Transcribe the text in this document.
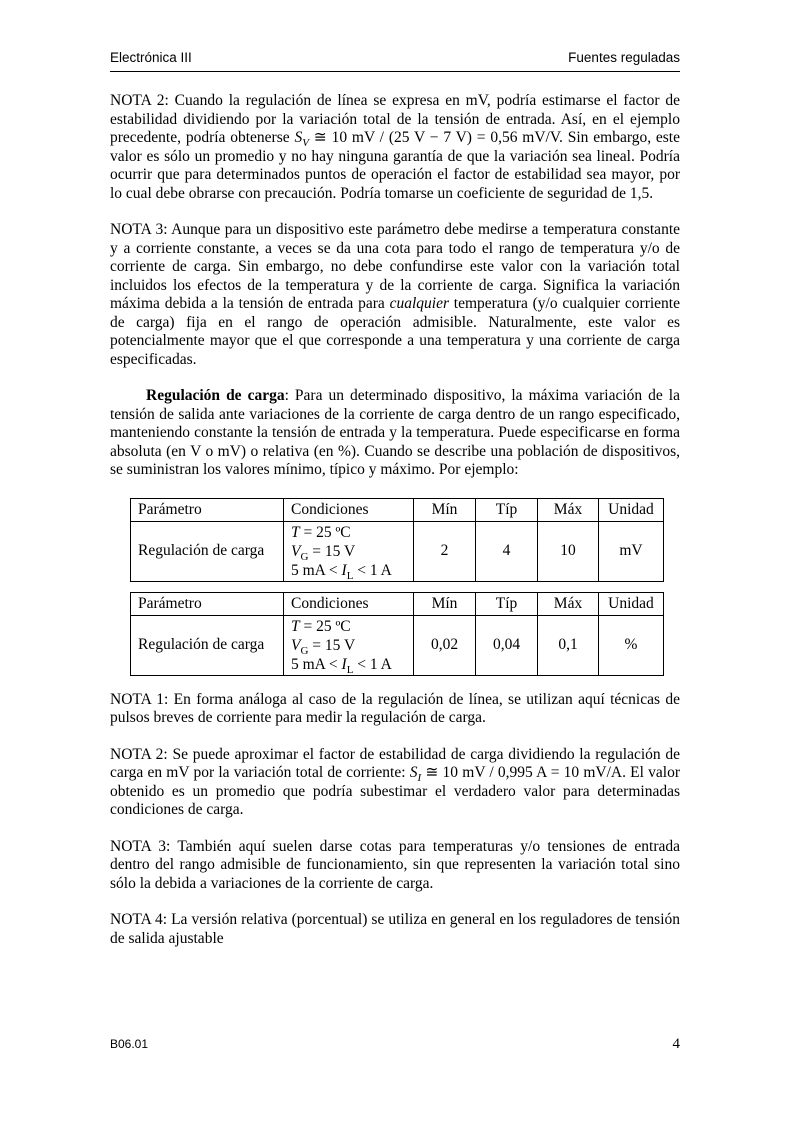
Electrónica III	Fuentes reguladas

NOTA 2: Cuando la regulación de línea se expresa en mV, podría estimarse el factor de estabilidad dividiendo por la variación total de la tensión de entrada. Así, en el ejemplo precedente, podría obtenerse $S_V$ ≅ 10 mV / (25 V − 7 V) = 0,56 mV/V. Sin embargo, este valor es sólo un promedio y no hay ninguna garantía de que la variación sea lineal. Podría ocurrir que para determinados puntos de operación el factor de estabilidad sea mayor, por lo cual debe obrarse con precaución. Podría tomarse un coeficiente de seguridad de 1,5.

NOTA 3: Aunque para un dispositivo este parámetro debe medirse a temperatura constante y a corriente constante, a veces se da una cota para todo el rango de temperatura y/o de corriente de carga. Sin embargo, no debe confundirse este valor con la variación total incluidos los efectos de la temperatura y de la corriente de carga. Significa la variación máxima debida a la tensión de entrada para cualquier temperatura (y/o cualquier corriente de carga) fija en el rango de operación admisible. Naturalmente, este valor es potencialmente mayor que el que corresponde a una temperatura y una corriente de carga especificadas.

Regulación de carga: Para un determinado dispositivo, la máxima variación de la tensión de salida ante variaciones de la corriente de carga dentro de un rango especificado, manteniendo constante la tensión de entrada y la temperatura. Puede especificarse en forma absoluta (en V o mV) o relativa (en %). Cuando se describe una población de dispositivos, se suministran los valores mínimo, típico y máximo. Por ejemplo:

Parámetro	Condiciones	Mín	Típ	Máx	Unidad
Regulación de carga	T = 25 ºC
$V_G = 15$ V
5 mA < $I_L < 1$ A	2	4	10	mV
Parámetro	Condiciones	Mín	Típ	Máx	Unidad
Regulación de carga	T = 25 ºC
$V_G = 15$ V
5 mA < $I_L < 1$ A	0,02	0,04	0,1	%

NOTA 1: En forma análoga al caso de la regulación de línea, se utilizan aquí técnicas de pulsos breves de corriente para medir la regulación de carga.

NOTA 2: Se puede aproximar el factor de estabilidad de carga dividiendo la regulación de carga en mV por la variación total de corriente: $S_I$ ≅ 10 mV / 0,995 A = 10 mV/A. El valor obtenido es un promedio que podría subestimar el verdadero valor para determinadas condiciones de carga.

NOTA 3: También aquí suelen darse cotas para temperaturas y/o tensiones de entrada dentro del rango admisible de funcionamiento, sin que representen la variación total sino sólo la debida a variaciones de la corriente de carga.

NOTA 4: La versión relativa (porcentual) se utiliza en general en los reguladores de tensión de salida ajustable

B06.01	4
